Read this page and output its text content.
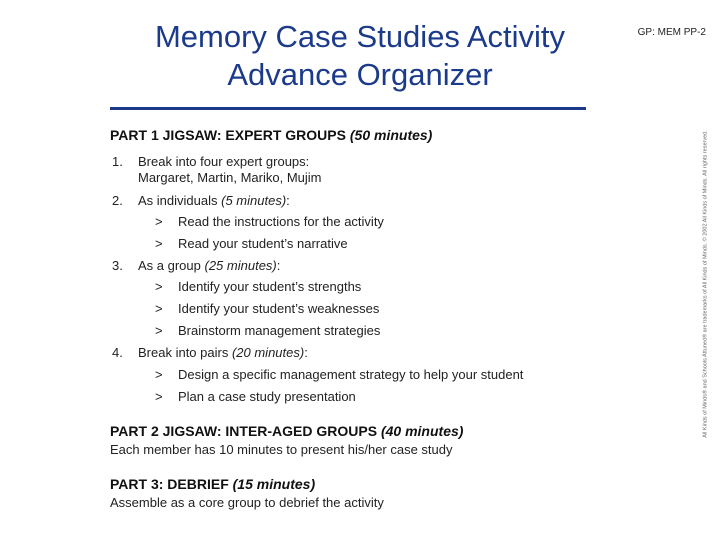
Memory Case Studies Activity
Advance Organizer
GP: MEM PP-2
PART 1 JIGSAW: EXPERT GROUPS (50 minutes)
1. Break into four expert groups:
Margaret, Martin, Mariko, Mujim
2. As individuals (5 minutes):
> Read the instructions for the activity
> Read your student’s narrative
3. As a group (25 minutes):
> Identify your student’s strengths
> Identify your student’s weaknesses
> Brainstorm management strategies
4. Break into pairs (20 minutes):
> Design a specific management strategy to help your student
> Plan a case study presentation
PART 2 JIGSAW: INTER-AGED GROUPS (40 minutes)
Each member has 10 minutes to present his/her case study
PART 3: DEBRIEF (15 minutes)
Assemble as a core group to debrief the activity
All Kinds of Minds® and Schools Attuned® are trademarks of All Kinds of Minds. © 2002 All Kinds of Minds. All rights reserved.
